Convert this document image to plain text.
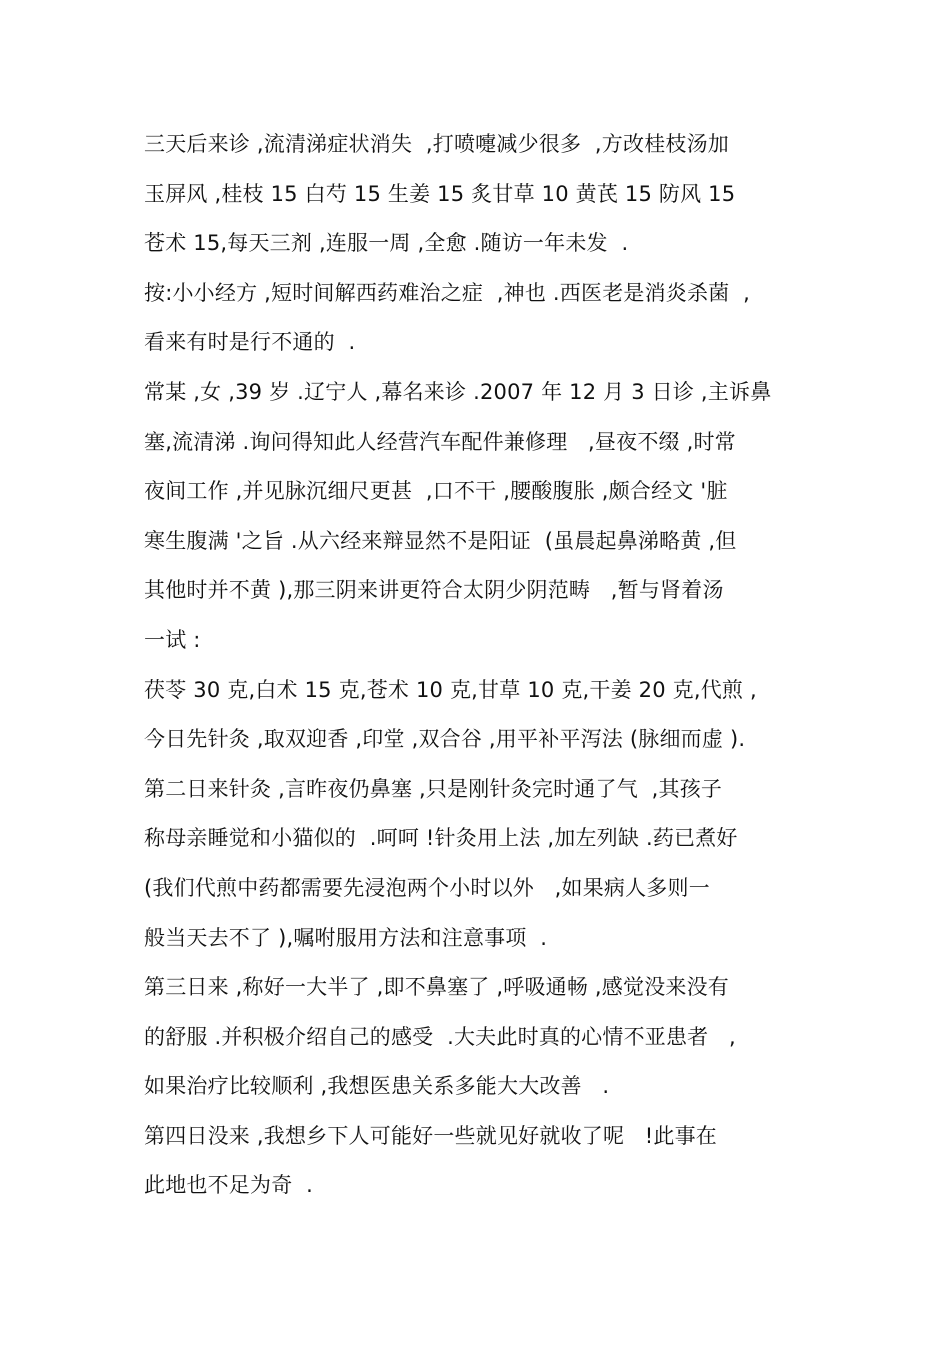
三天后来诊 ,流清涕症状消失  ,打喷嚏减少很多  ,方改桂枝汤加
玉屏风 ,桂枝 15 白芍 15 生姜 15 炙甘草 10 黄芪 15 防风 15
苍术 15,每天三剂 ,连服一周 ,全愈 .随访一年未发  .
按:小小经方 ,短时间解西药难治之症  ,神也 .西医老是消炎杀菌  ,
看来有时是行不通的  .
常某 ,女 ,39 岁 .辽宁人 ,幕名来诊 .2007 年 12 月 3 日诊 ,主诉鼻
塞,流清涕 .询问得知此人经营汽车配件兼修理   ,昼夜不缀 ,时常
夜间工作 ,并见脉沉细尺更甚  ,口不干 ,腰酸腹胀 ,颇合经文 '脏
寒生腹满 '之旨 .从六经来辩显然不是阳证  (虽晨起鼻涕略黄 ,但
其他时并不黄 ),那三阴来讲更符合太阴少阴范畴   ,暂与肾着汤
一试 :
茯苓 30 克,白术 15 克,苍术 10 克,甘草 10 克,干姜 20 克,代煎 ,
今日先针灸 ,取双迎香 ,印堂 ,双合谷 ,用平补平泻法 (脉细而虚 ).
第二日来针灸 ,言昨夜仍鼻塞 ,只是刚针灸完时通了气  ,其孩子
称母亲睡觉和小猫似的  .呵呵 !针灸用上法 ,加左列缺 .药已煮好
(我们代煎中药都需要先浸泡两个小时以外   ,如果病人多则一
般当天去不了 ),嘱咐服用方法和注意事项  .
第三日来 ,称好一大半了 ,即不鼻塞了 ,呼吸通畅 ,感觉没来没有
的舒服 .并积极介绍自己的感受  .大夫此时真的心情不亚患者   ,
如果治疗比较顺利 ,我想医患关系多能大大改善   .
第四日没来 ,我想乡下人可能好一些就见好就收了呢   !此事在
此地也不足为奇  .
